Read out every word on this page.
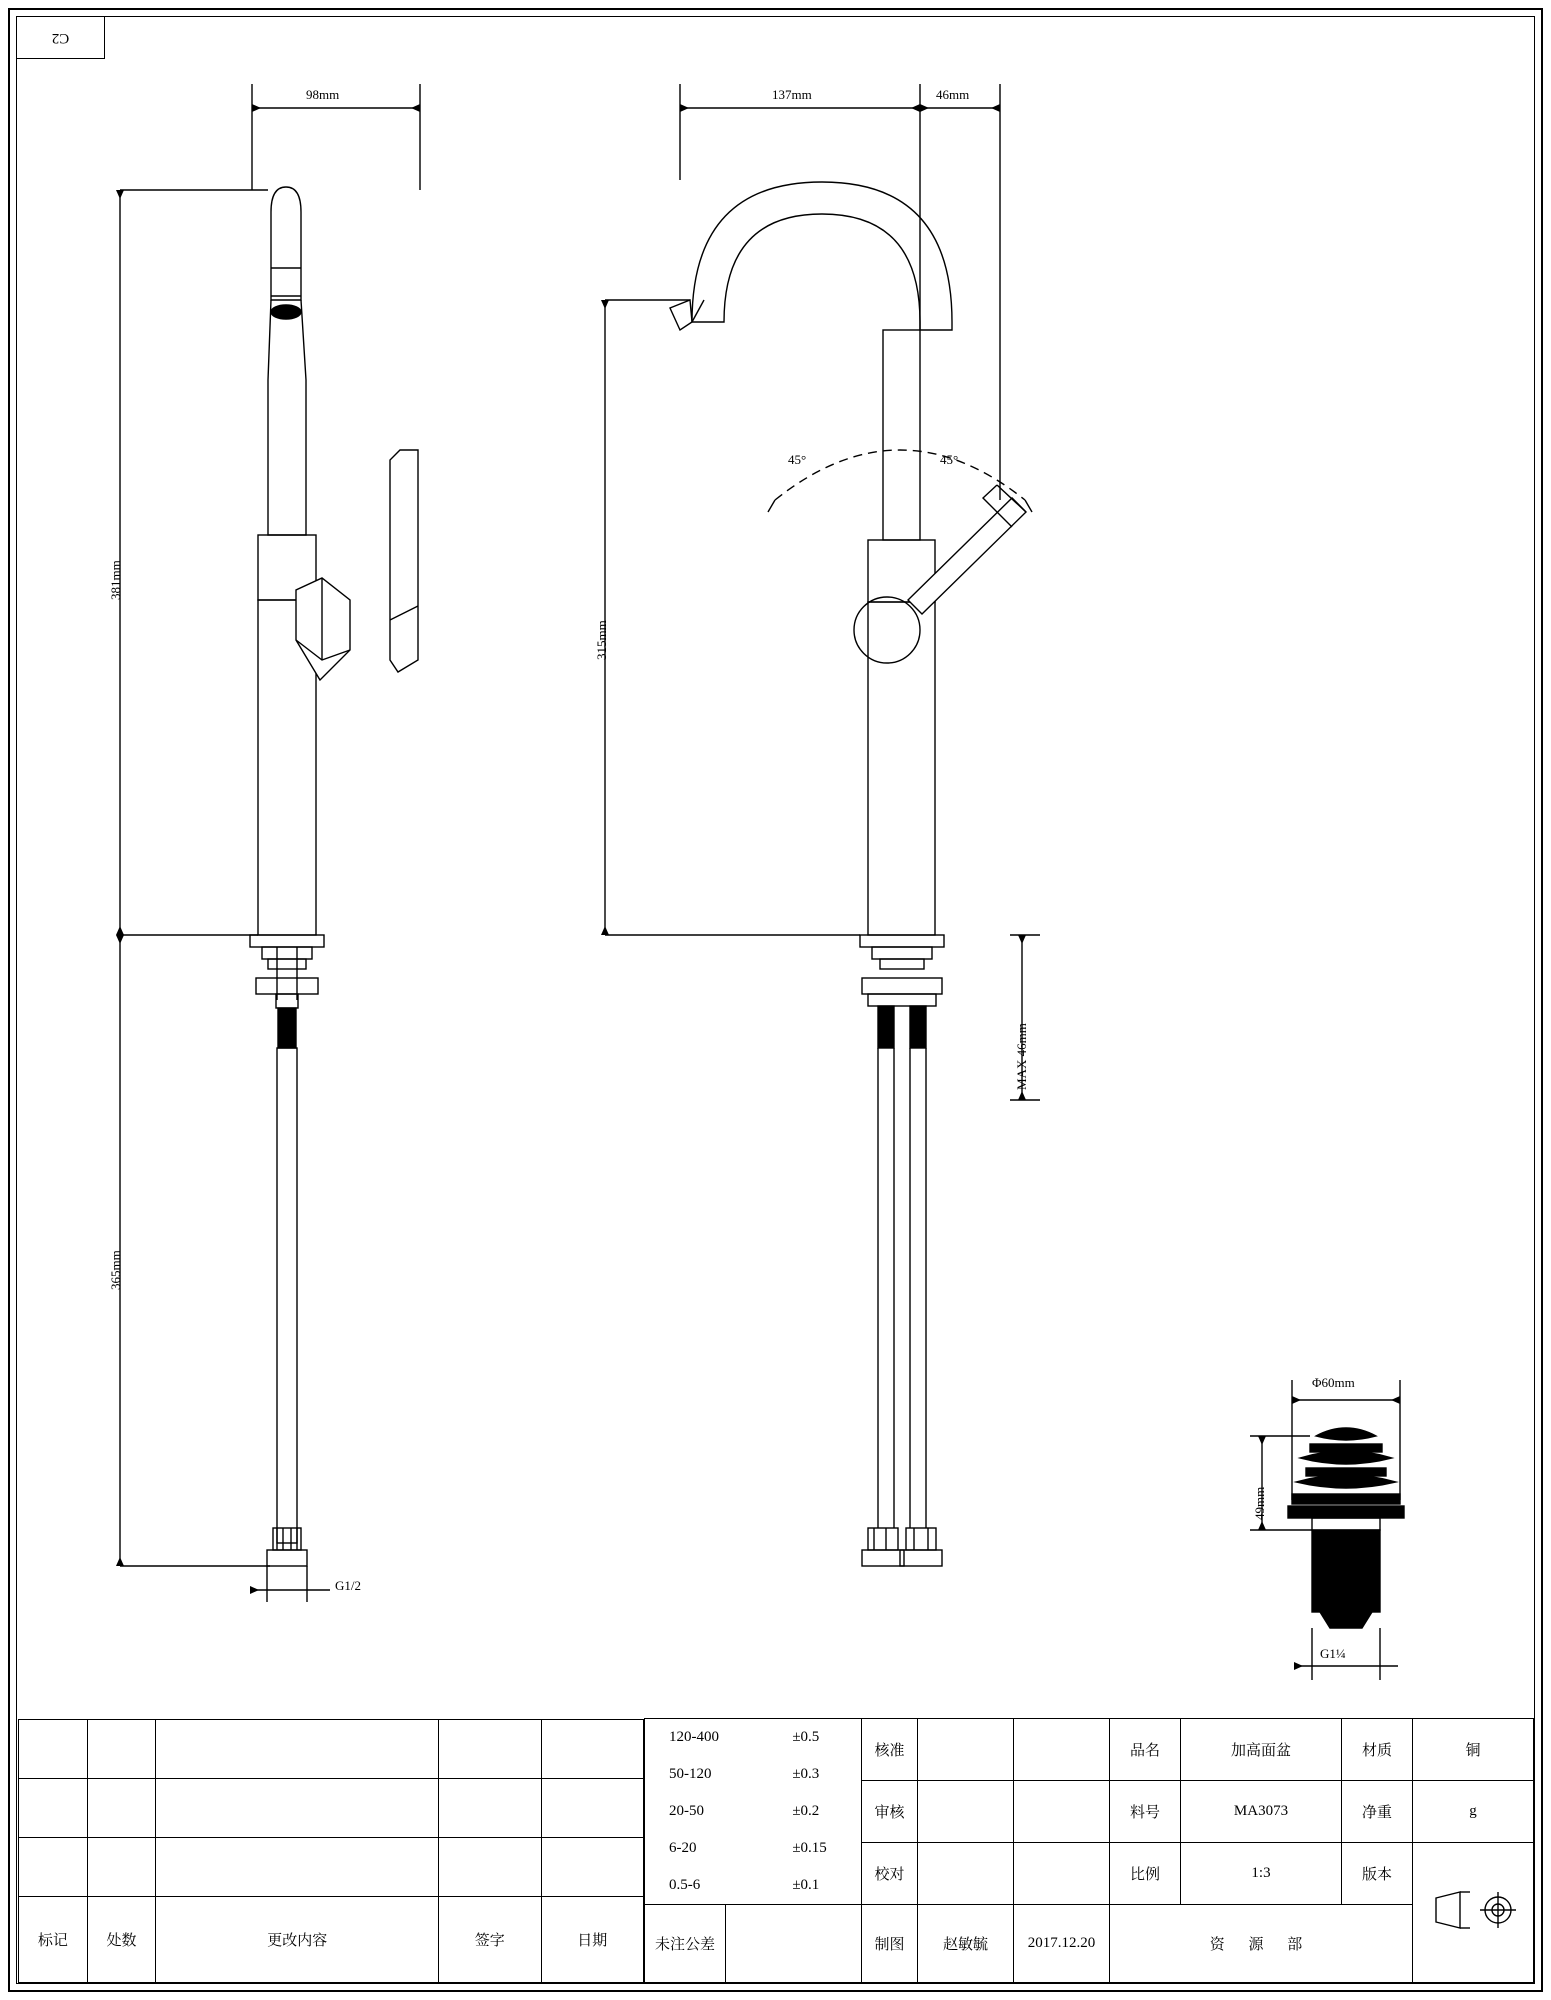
C2
98mm
381mm
365mm
G1/2
137mm	46mm
315mm
MAX 46mm
45°	45°
Φ60mm
49mm
G1¼

标记	处数	更改内容	签字	日期

120-400	±0.5
50-120	±0.3
20-50	±0.2
6-20	±0.15
0.5-6	±0.1
	核准			品名	加高面盆	材质	铜
审核			料号	MA3073	净重	g
校对			比例	1:3	版本	
未注公差		制图	赵敏毓	2017.12.20	资 源 部
